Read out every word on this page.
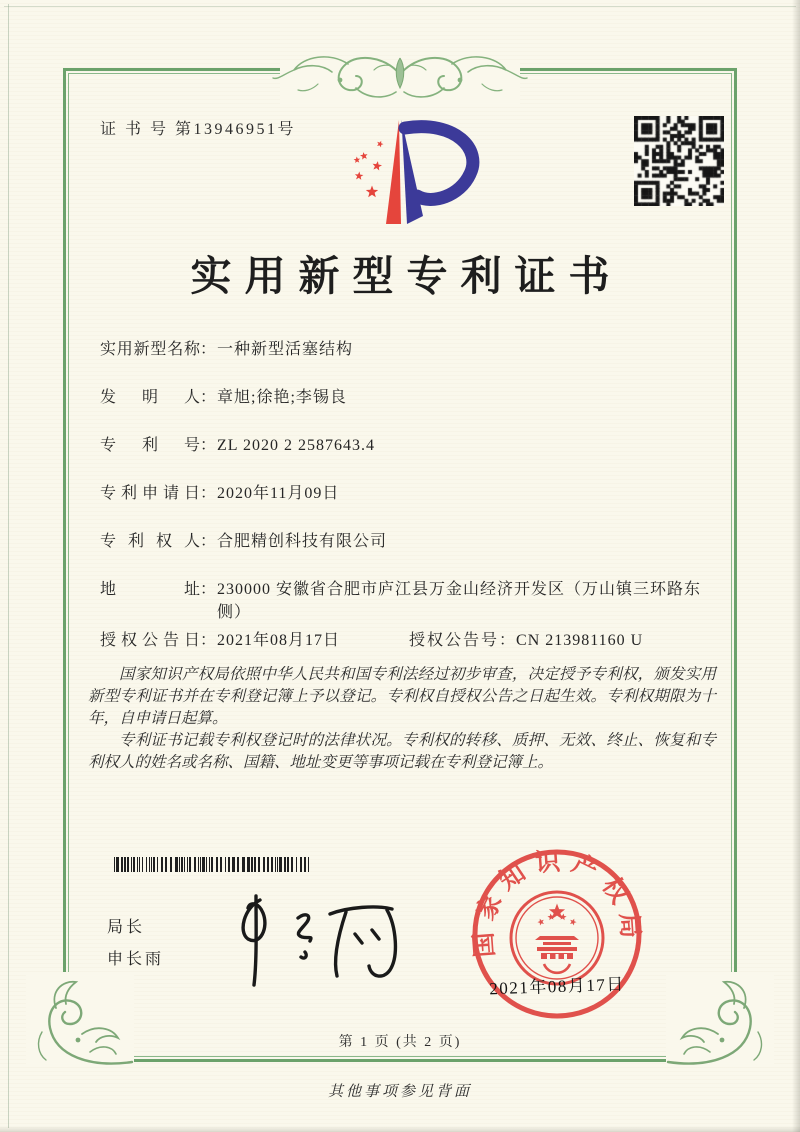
证 书 号 第13946951号
实用新型专利证书
实用新型名称 ： 一种新型活塞结构
发明人 ： 章旭;徐艳;李锡良
专利号 ： ZL 2020 2 2587643.4
专利申请日 ： 2020年11月09日
专利权人 ： 合肥精创科技有限公司
地址 ： 230000 安徽省合肥市庐江县万金山经济开发区（万山镇三环路东侧）
授权公告日 ： 2021年08月17日	授权公告号 ： CN 213981160 U

国家知识产权局依照中华人民共和国专利法经过初步审查，决定授予专利权，颁发实用新型专利证书并在专利登记簿上予以登记。专利权自授权公告之日起生效。专利权期限为十年，自申请日起算。

专利证书记载专利权登记时的法律状况。专利权的转移、质押、无效、终止、恢复和专利权人的姓名或名称、国籍、地址变更等事项记载在专利登记簿上。

局长
申长雨
国家知识产权局
2021年08月17日
第 1 页 (共 2 页)
其他事项参见背面
